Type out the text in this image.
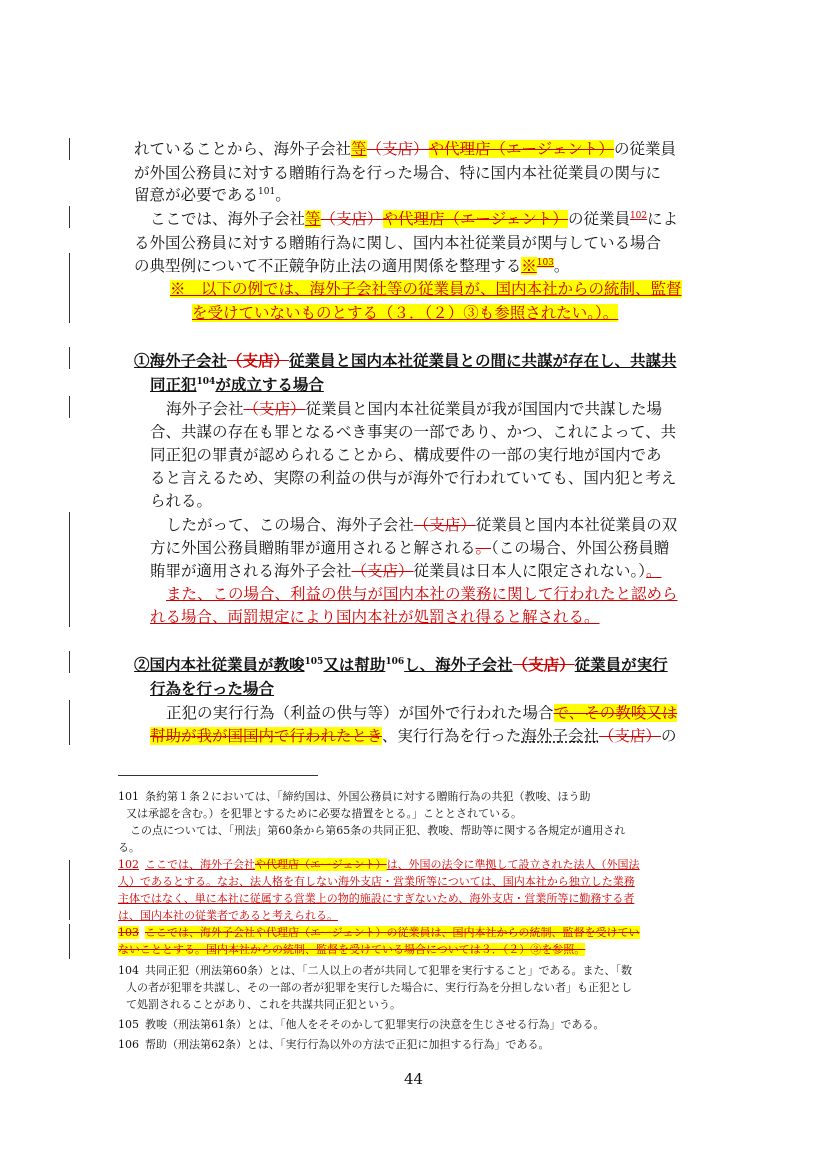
れていることから、海外子会社等（支店）や代理店（エージェント）の従業員
が外国公務員に対する贈賄行為を行った場合、特に国内本社従業員の関与に
留意が必要である$^{101}$。
ここでは、海外子会社等（支店）や代理店（エージェント）の従業員$^{102}$によ
る外国公務員に対する贈賄行為に関し、国内本社従業員が関与している場合
の典型例について不正競争防止法の適用関係を整理する※$^{103}$。
※　以下の例では、海外子会社等の従業員が、国内本社からの統制、監督
を受けていないものとする（３．（２）③も参照されたい。）。
①海外子会社（支店）従業員と国内本社従業員との間に共謀が存在し、共謀共
同正犯$^{104}$が成立する場合
海外子会社（支店）従業員と国内本社従業員が我が国国内で共謀した場
合、共謀の存在も罪となるべき事実の一部であり、かつ、これによって、共
同正犯の罪責が認められることから、構成要件の一部の実行地が国内であ
ると言えるため、実際の利益の供与が海外で行われていても、国内犯と考え
られる。
したがって、この場合、海外子会社（支店）従業員と国内本社従業員の双
方に外国公務員贈賄罪が適用されると解される。（この場合、外国公務員贈
賄罪が適用される海外子会社（支店）従業員は日本人に限定されない。）。
また、この場合、利益の供与が国内本社の業務に関して行われたと認めら
れる場合、両罰規定により国内本社が処罰され得ると解される。
②国内本社従業員が教唆$^{105}$又は幇助$^{106}$し、海外子会社（支店）従業員が実行
行為を行った場合
正犯の実行行為（利益の供与等）が国外で行われた場合で、その教唆又は
幇助が我が国国内で行われたとき、実行行為を行った海外子会社（支店）の
101 条約第１条２においては、「締約国は、外国公務員に対する贈賄行為の共犯（教唆、ほう助
又は承認を含む。）を犯罪とするために必要な措置をとる。」こととされている。
この点については、「刑法」第60条から第65条の共同正犯、教唆、帮助等に関する各規定が適用され
る。
102 ここでは、海外子会社や代理店（エージェント）は、外国の法令に準拠して設立された法人（外国法
人）であるとする。なお、法人格を有しない海外支店・営業所等については、国内本社から独立した業務
主体ではなく、単に本社に従属する営業上の物的施設にすぎないため、海外支店・営業所等に勤務する者
は、国内本社の従業者であると考えられる。
103 ここでは、海外子会社や代理店（エージェント）の従業員は、国内本社からの統制、監督を受けてい
ないこととする。国内本社からの統制、監督を受けている場合については３．（２）③を参照。
104 共同正犯（刑法第60条）とは、「二人以上の者が共同して犯罪を実行すること」である。また、「数
人の者が犯罪を共謀し、その一部の者が犯罪を実行した場合に、実行行為を分担しない者」も正犯とし
て処罰されることがあり、これを共謀共同正犯という。
105 教唆（刑法第61条）とは、「他人をそそのかして犯罪実行の決意を生じさせる行為」である。
106 帮助（刑法第62条）とは、「実行行為以外の方法で正犯に加担する行為」である。
44
